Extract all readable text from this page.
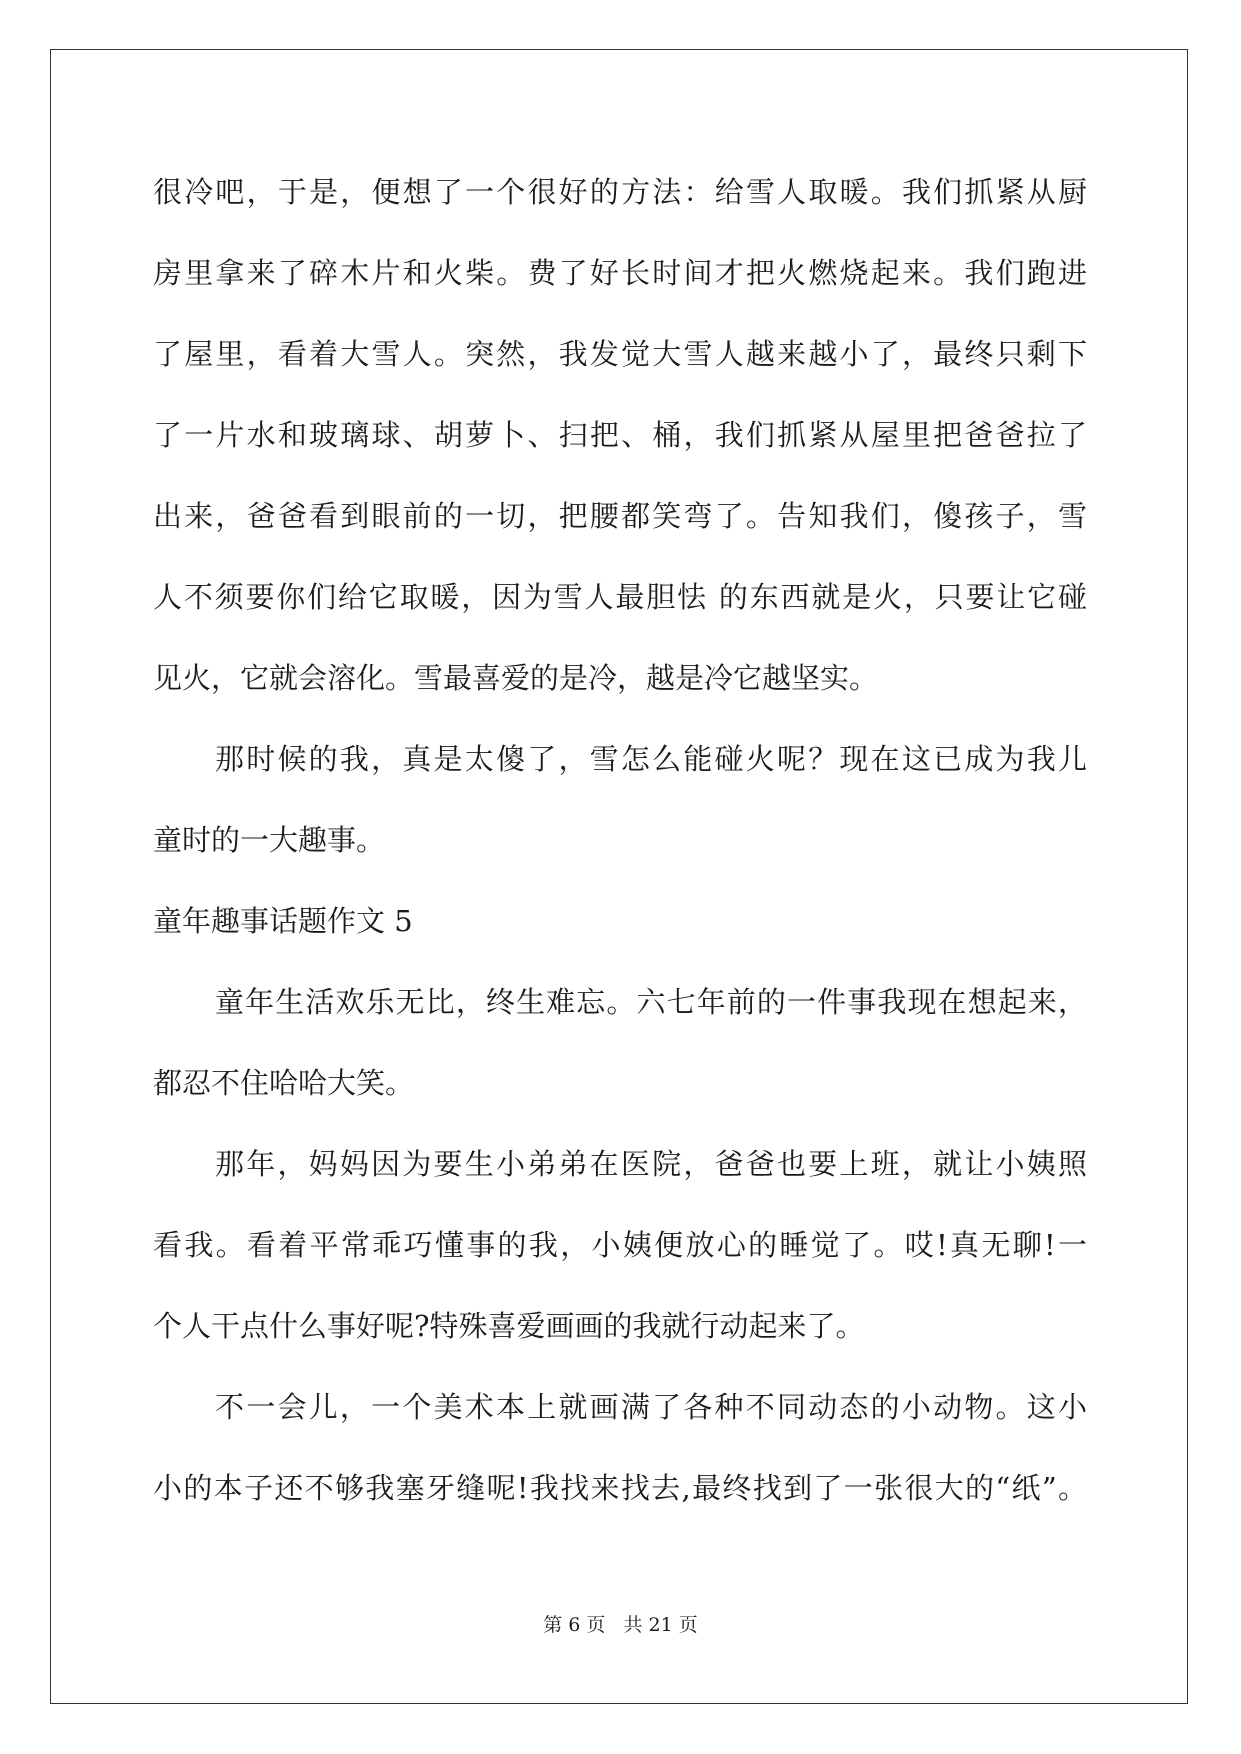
很冷吧，于是，便想了一个很好的方法：给雪人取暖。我们抓紧从厨
房里拿来了碎木片和火柴。费了好长时间才把火燃烧起来。我们跑进
了屋里，看着大雪人。突然，我发觉大雪人越来越小了，最终只剩下
了一片水和玻璃球、胡萝卜、扫把、桶，我们抓紧从屋里把爸爸拉了
出来，爸爸看到眼前的一切，把腰都笑弯了。告知我们，傻孩子，雪
人不须要你们给它取暖，因为雪人最胆怯 的东西就是火，只要让它碰
见火，它就会溶化。雪最喜爱的是冷，越是冷它越坚实。
那时候的我，真是太傻了，雪怎么能碰火呢？现在这已成为我儿
童时的一大趣事。
童年趣事话题作文 5
童年生活欢乐无比，终生难忘。六七年前的一件事我现在想起来，
都忍不住哈哈大笑。
那年，妈妈因为要生小弟弟在医院，爸爸也要上班，就让小姨照
看我。看着平常乖巧懂事的我，小姨便放心的睡觉了。哎!真无聊!一
个人干点什么事好呢?特殊喜爱画画的我就行动起来了。
不一会儿，一个美术本上就画满了各种不同动态的小动物。这小
小的本子还不够我塞牙缝呢!我找来找去,最终找到了一张很大的“纸”。
第 6 页 共 21 页
